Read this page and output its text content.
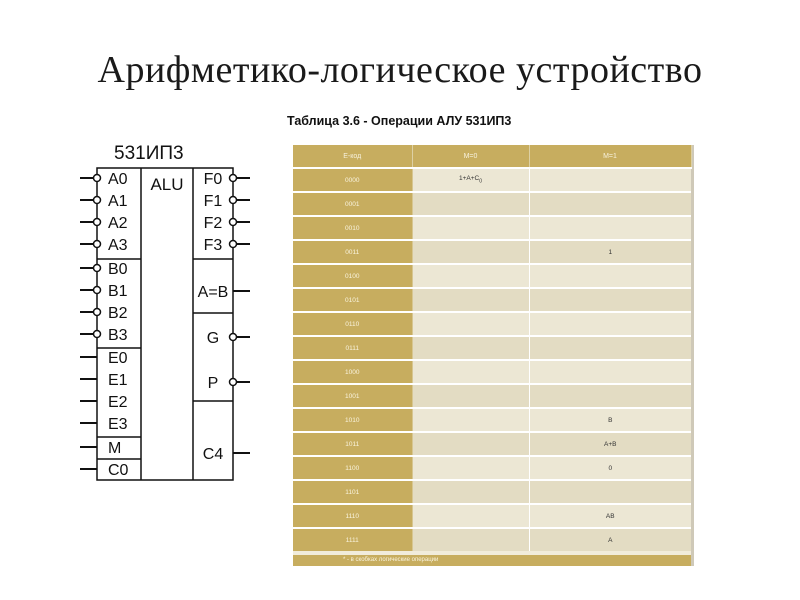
Арифметико-логическое устройство
Таблица 3.6 - Операции АЛУ 531ИП3
531ИП3
ALU
A0
A1
A2
A3
B0
B1
B2
B3
E0
E1
E2
E3
M
C0
F0
F1
F2
F3
A=B
G
P
C4
E-код	M=0	M=1
0000	$1+A+C_0$	
0001		
0010		
0011		1
0100		
0101		
0110		
0111		
1000		
1001		
1010		B
1011		A+B
1100		0
1101		
1110		AB
1111		A
* - в скобках логические операции
